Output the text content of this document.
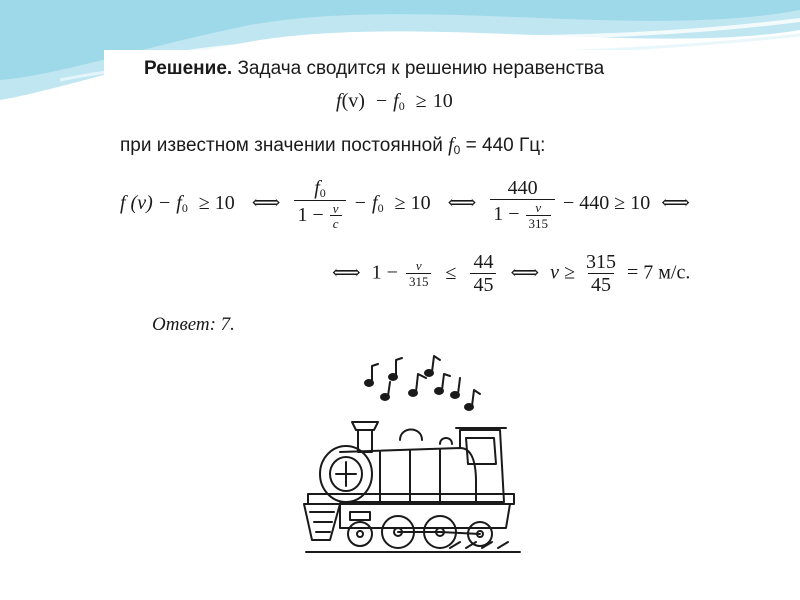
Решение. Задача сводится к решению неравенства
$f(v) - f_0 \ge 10$
при известном значении постоянной $f_0 = 440$ Гц:
f $(v) - f_0 \ge 10$ ⟺ $\frac{f_0}{1 - \frac{v}{c}} - f_0 \ge 10$ ⟺ $\frac{440}{1 - \frac{v}{315}} - 440 \ge 10$ ⟺
⟺ $1 - \frac{v}{315} \le \frac{44}{45}$ ⟺ $v \ge \frac{315}{45} = 7$ м/с.
Ответ: 7.
